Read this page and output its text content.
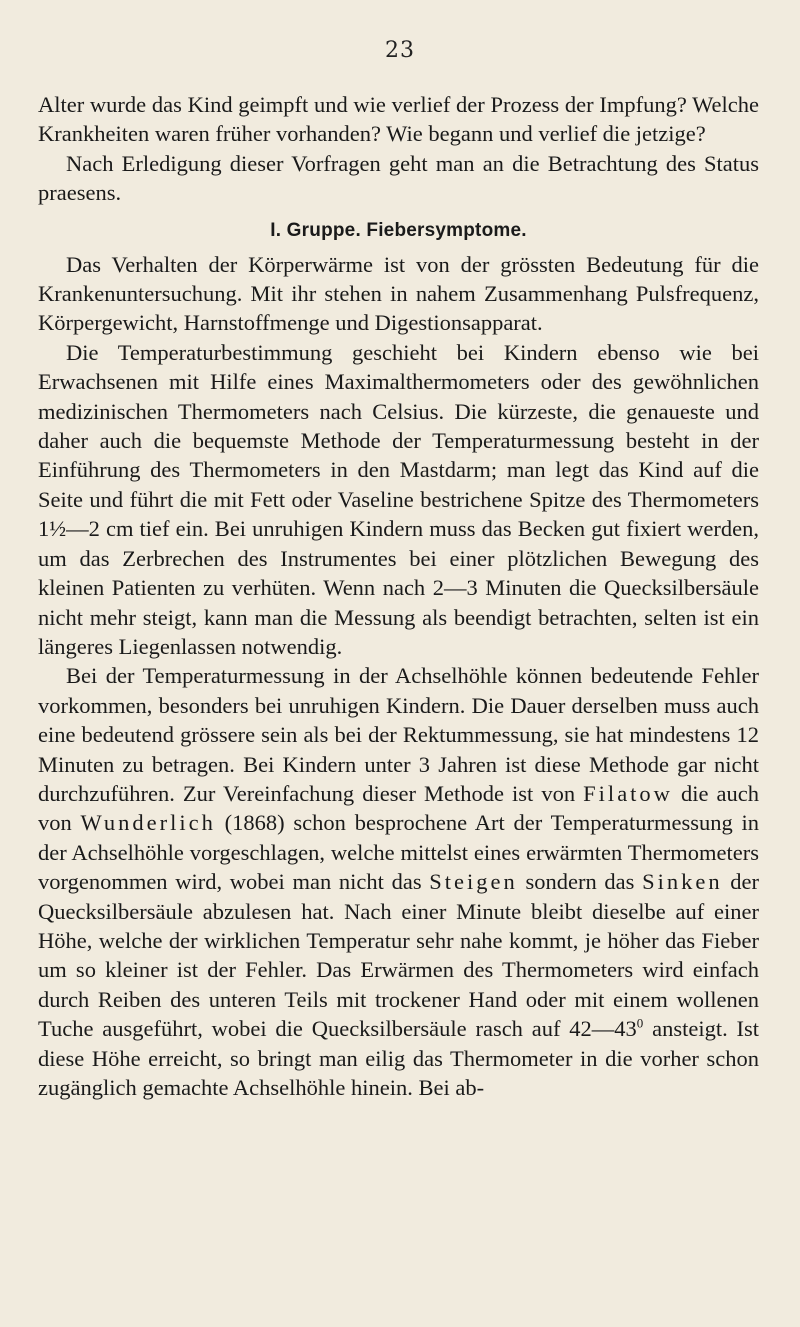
23

Alter wurde das Kind geimpft und wie verlief der Prozess der Impfung? Welche Krankheiten waren früher vorhanden? Wie begann und verlief die jetzige?

Nach Erledigung dieser Vorfragen geht man an die Betrachtung des Status praesens.

I. Gruppe. Fiebersymptome.

Das Verhalten der Körperwärme ist von der grössten Bedeutung für die Krankenuntersuchung. Mit ihr stehen in nahem Zusammenhang Pulsfrequenz, Körpergewicht, Harnstoffmenge und Digestionsapparat.

Die Temperaturbestimmung geschieht bei Kindern ebenso wie bei Erwachsenen mit Hilfe eines Maximalthermometers oder des gewöhnlichen medizinischen Thermometers nach Celsius. Die kürzeste, die genaueste und daher auch die bequemste Methode der Temperaturmessung besteht in der Einführung des Thermometers in den Mastdarm; man legt das Kind auf die Seite und führt die mit Fett oder Vaseline bestrichene Spitze des Thermometers 1½—2 cm tief ein. Bei unruhigen Kindern muss das Becken gut fixiert werden, um das Zerbrechen des Instrumentes bei einer plötzlichen Bewegung des kleinen Patienten zu verhüten. Wenn nach 2—3 Minuten die Quecksilbersäule nicht mehr steigt, kann man die Messung als beendigt betrachten, selten ist ein längeres Liegenlassen notwendig.

Bei der Temperaturmessung in der Achselhöhle können bedeutende Fehler vorkommen, besonders bei unruhigen Kindern. Die Dauer derselben muss auch eine bedeutend grössere sein als bei der Rektummessung, sie hat mindestens 12 Minuten zu betragen. Bei Kindern unter 3 Jahren ist diese Methode gar nicht durchzuführen. Zur Vereinfachung dieser Methode ist von Filatow die auch von Wunderlich (1868) schon besprochene Art der Temperaturmessung in der Achselhöhle vorgeschlagen, welche mittelst eines erwärmten Thermometers vorgenommen wird, wobei man nicht das Steigen sondern das Sinken der Quecksilbersäule abzulesen hat. Nach einer Minute bleibt dieselbe auf einer Höhe, welche der wirklichen Temperatur sehr nahe kommt, je höher das Fieber um so kleiner ist der Fehler. Das Erwärmen des Thermometers wird einfach durch Reiben des unteren Teils mit trockener Hand oder mit einem wollenen Tuche ausgeführt, wobei die Quecksilbersäule rasch auf $42—43^0$ ansteigt. Ist diese Höhe erreicht, so bringt man eilig das Thermometer in die vorher schon zugänglich gemachte Achselhöhle hinein. Bei ab-
